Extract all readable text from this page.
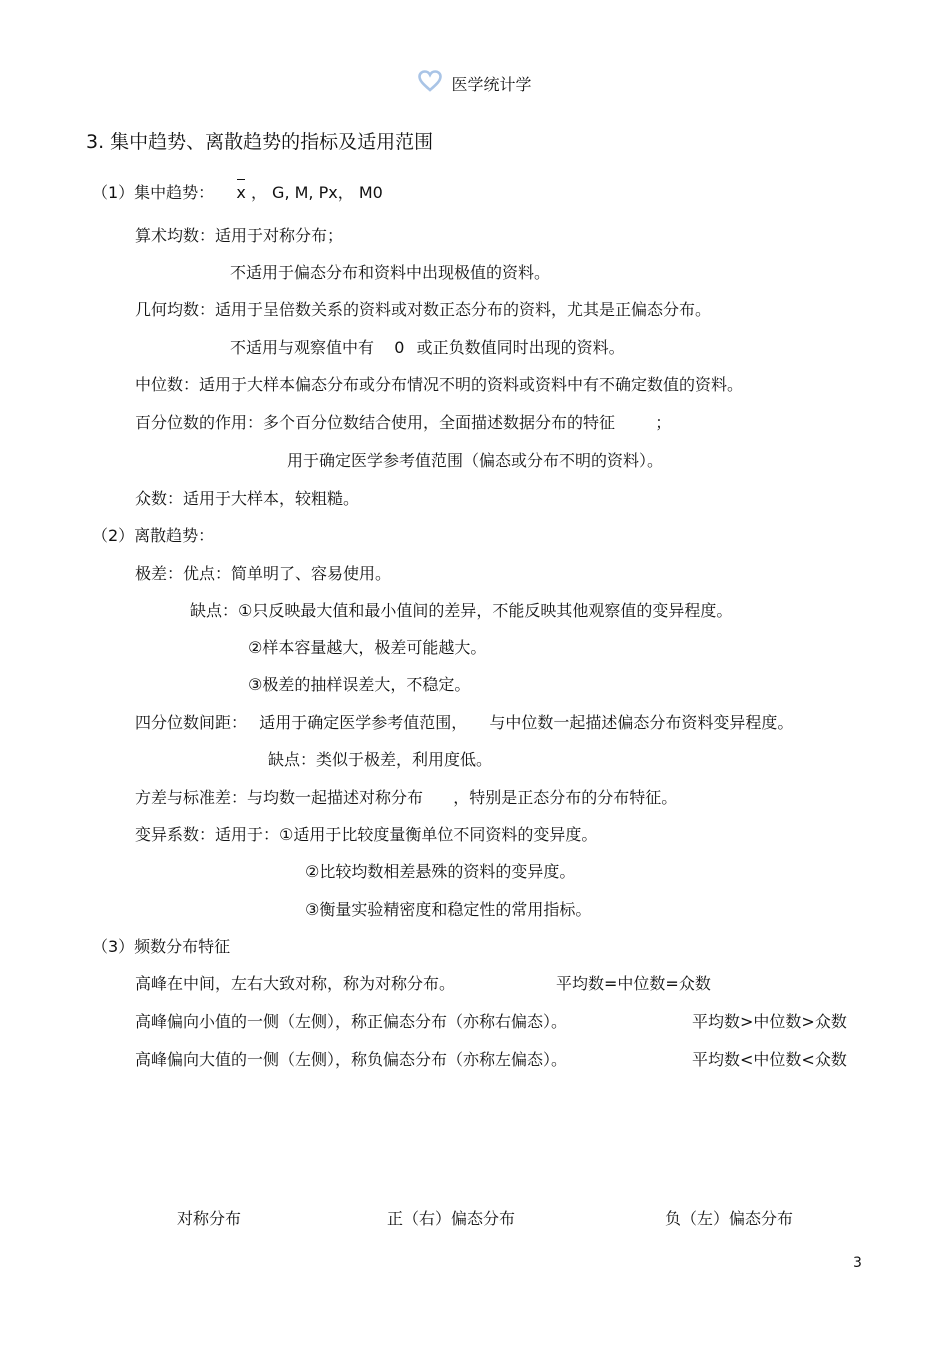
医学统计学
3. 集中趋势、离散趋势的指标及适用范围
（1）集中趋势： x ， G, M, Px， M0
算术均数：适用于对称分布；
不适用于偏态分布和资料中出现极值的资料。
几何均数：适用于呈倍数关系的资料或对数正态分布的资料，尤其是正偏态分布。
不适用与观察值中有 0 或正负数值同时出现的资料。
中位数：适用于大样本偏态分布或分布情况不明的资料或资料中有不确定数值的资料。
百分位数的作用：多个百分位数结合使用，全面描述数据分布的特征	；
用于确定医学参考值范围（偏态或分布不明的资料）。
众数：适用于大样本，较粗糙。
（2）离散趋势：
极差：优点：简单明了、容易使用。
缺点：①只反映最大值和最小值间的差异，不能反映其他观察值的变异程度。
②样本容量越大，极差可能越大。
③极差的抽样误差大，不稳定。
四分位数间距： 适用于确定医学参考值范围， 与中位数一起描述偏态分布资料变异程度。
缺点：类似于极差，利用度低。
方差与标准差：与均数一起描述对称分布 ，特别是正态分布的分布特征。
变异系数：适用于：①适用于比较度量衡单位不同资料的变异度。
②比较均数相差悬殊的资料的变异度。
③衡量实验精密度和稳定性的常用指标。
（3）频数分布特征
高峰在中间，左右大致对称，称为对称分布。	平均数=中位数=众数
高峰偏向小值的一侧（左侧），称正偏态分布（亦称右偏态）。	平均数>中位数>众数
高峰偏向大值的一侧（左侧），称负偏态分布（亦称左偏态）。	平均数<中位数<众数
对称分布	正（右）偏态分布	负（左）偏态分布
3
